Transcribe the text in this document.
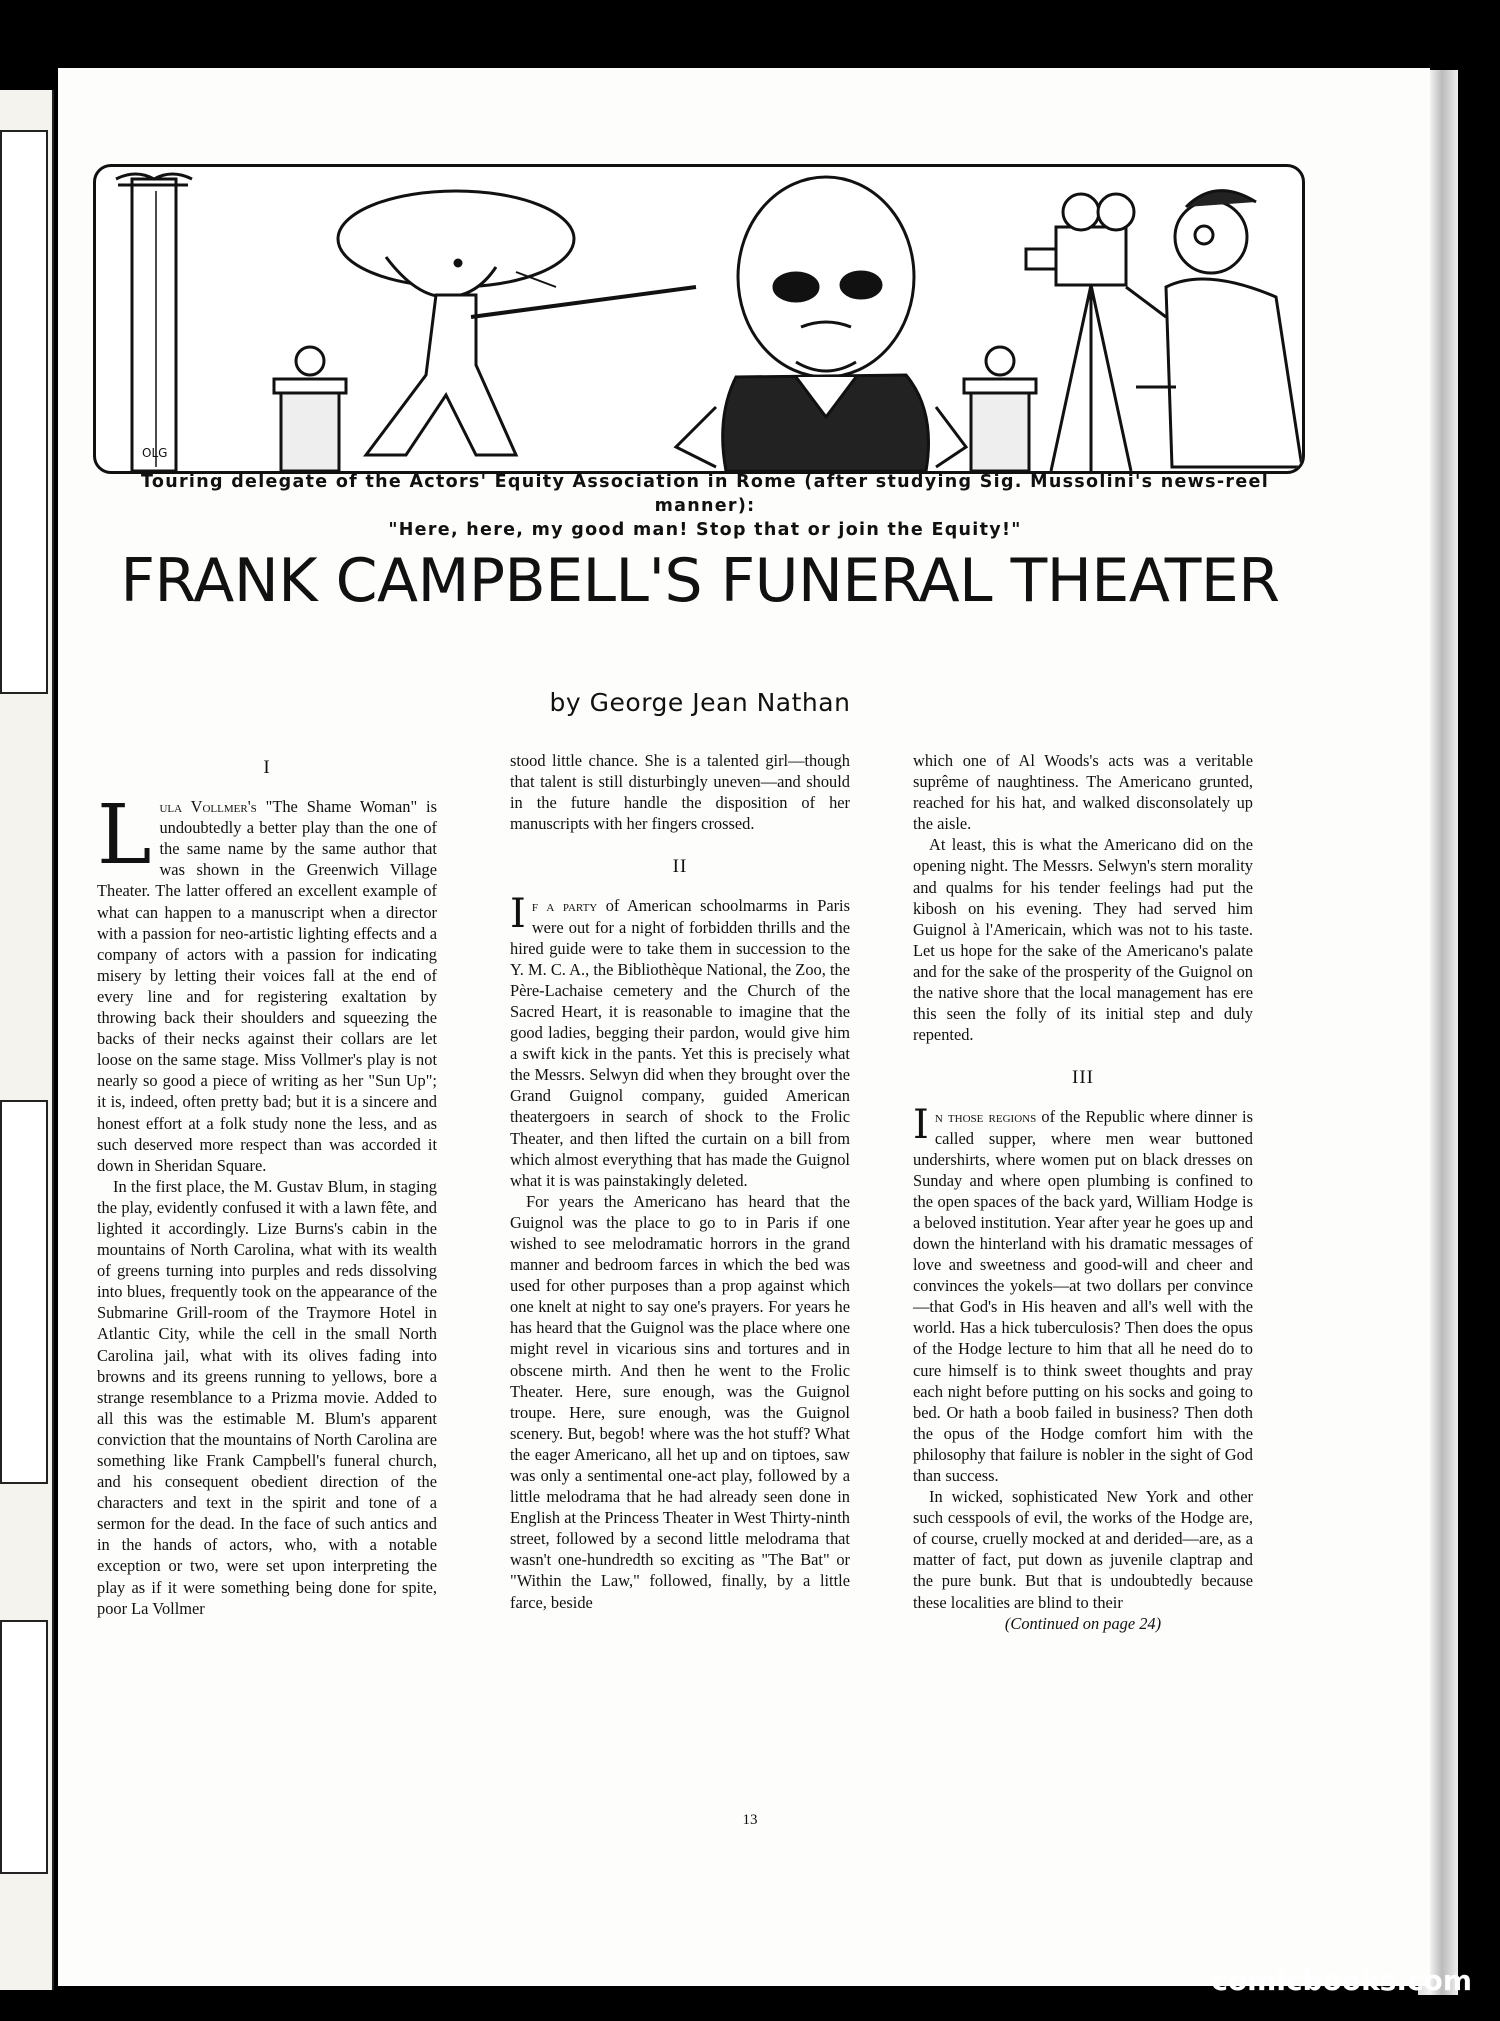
OLG
Touring delegate of the Actors' Equity Association in Rome (after studying Sig. Mussolini's news-reel manner):
"Here, here, my good man! Stop that or join the Equity!"
FRANK CAMPBELL'S FUNERAL THEATER
by George Jean Nathan
I

Lula Vollmer's "The Shame Woman" is undoubtedly a better play than the one of the same name by the same author that was shown in the Greenwich Village Theater. The latter offered an excellent example of what can happen to a manuscript when a director with a passion for neo-artistic lighting effects and a company of actors with a passion for indicating misery by letting their voices fall at the end of every line and for registering exaltation by throwing back their shoulders and squeezing the backs of their necks against their collars are let loose on the same stage. Miss Vollmer's play is not nearly so good a piece of writing as her "Sun Up"; it is, indeed, often pretty bad; but it is a sincere and honest effort at a folk study none the less, and as such deserved more respect than was accorded it down in Sheridan Square.

In the first place, the M. Gustav Blum, in staging the play, evidently confused it with a lawn fête, and lighted it accordingly. Lize Burns's cabin in the mountains of North Carolina, what with its wealth of greens turning into purples and reds dissolving into blues, frequently took on the appearance of the Submarine Grill-room of the Traymore Hotel in Atlantic City, while the cell in the small North Carolina jail, what with its olives fading into browns and its greens running to yellows, bore a strange resemblance to a Prizma movie. Added to all this was the estimable M. Blum's apparent conviction that the mountains of North Carolina are something like Frank Campbell's funeral church, and his consequent obedient direction of the characters and text in the spirit and tone of a sermon for the dead. In the face of such antics and in the hands of actors, who, with a notable exception or two, were set upon interpreting the play as if it were something being done for spite, poor La Vollmer

stood little chance. She is a talented girl—though that talent is still disturbingly uneven—and should in the future handle the disposition of her manuscripts with her fingers crossed.

II

If a party of American schoolmarms in Paris were out for a night of forbidden thrills and the hired guide were to take them in succession to the Y. M. C. A., the Bibliothèque National, the Zoo, the Père-Lachaise cemetery and the Church of the Sacred Heart, it is reasonable to imagine that the good ladies, begging their pardon, would give him a swift kick in the pants. Yet this is precisely what the Messrs. Selwyn did when they brought over the Grand Guignol company, guided American theatergoers in search of shock to the Frolic Theater, and then lifted the curtain on a bill from which almost everything that has made the Guignol what it is was painstakingly deleted.

For years the Americano has heard that the Guignol was the place to go to in Paris if one wished to see melodramatic horrors in the grand manner and bedroom farces in which the bed was used for other purposes than a prop against which one knelt at night to say one's prayers. For years he has heard that the Guignol was the place where one might revel in vicarious sins and tortures and in obscene mirth. And then he went to the Frolic Theater. Here, sure enough, was the Guignol troupe. Here, sure enough, was the Guignol scenery. But, begob! where was the hot stuff? What the eager Americano, all het up and on tiptoes, saw was only a sentimental one-act play, followed by a little melodrama that he had already seen done in English at the Princess Theater in West Thirty-ninth street, followed by a second little melodrama that wasn't one-hundredth so exciting as "The Bat" or "Within the Law," followed, finally, by a little farce, beside

which one of Al Woods's acts was a veritable suprême of naughtiness. The Americano grunted, reached for his hat, and walked disconsolately up the aisle.

At least, this is what the Americano did on the opening night. The Messrs. Selwyn's stern morality and qualms for his tender feelings had put the kibosh on his evening. They had served him Guignol à l'Americain, which was not to his taste. Let us hope for the sake of the Americano's palate and for the sake of the prosperity of the Guignol on the native shore that the local management has ere this seen the folly of its initial step and duly repented.

III

In those regions of the Republic where dinner is called supper, where men wear buttoned undershirts, where women put on black dresses on Sunday and where open plumbing is confined to the open spaces of the back yard, William Hodge is a beloved institution. Year after year he goes up and down the hinterland with his dramatic messages of love and sweetness and good-will and cheer and convinces the yokels—at two dollars per convince—that God's in His heaven and all's well with the world. Has a hick tuberculosis? Then does the opus of the Hodge lecture to him that all he need do to cure himself is to think sweet thoughts and pray each night before putting on his socks and going to bed. Or hath a boob failed in business? Then doth the opus of the Hodge comfort him with the philosophy that failure is nobler in the sight of God than success.

In wicked, sophisticated New York and other such cesspools of evil, the works of the Hodge are, of course, cruelly mocked at and derided—are, as a matter of fact, put down as juvenile claptrap and the pure bunk. But that is undoubtedly because these localities are blind to their

(Continued on page 24)

13
comicbooks.com
